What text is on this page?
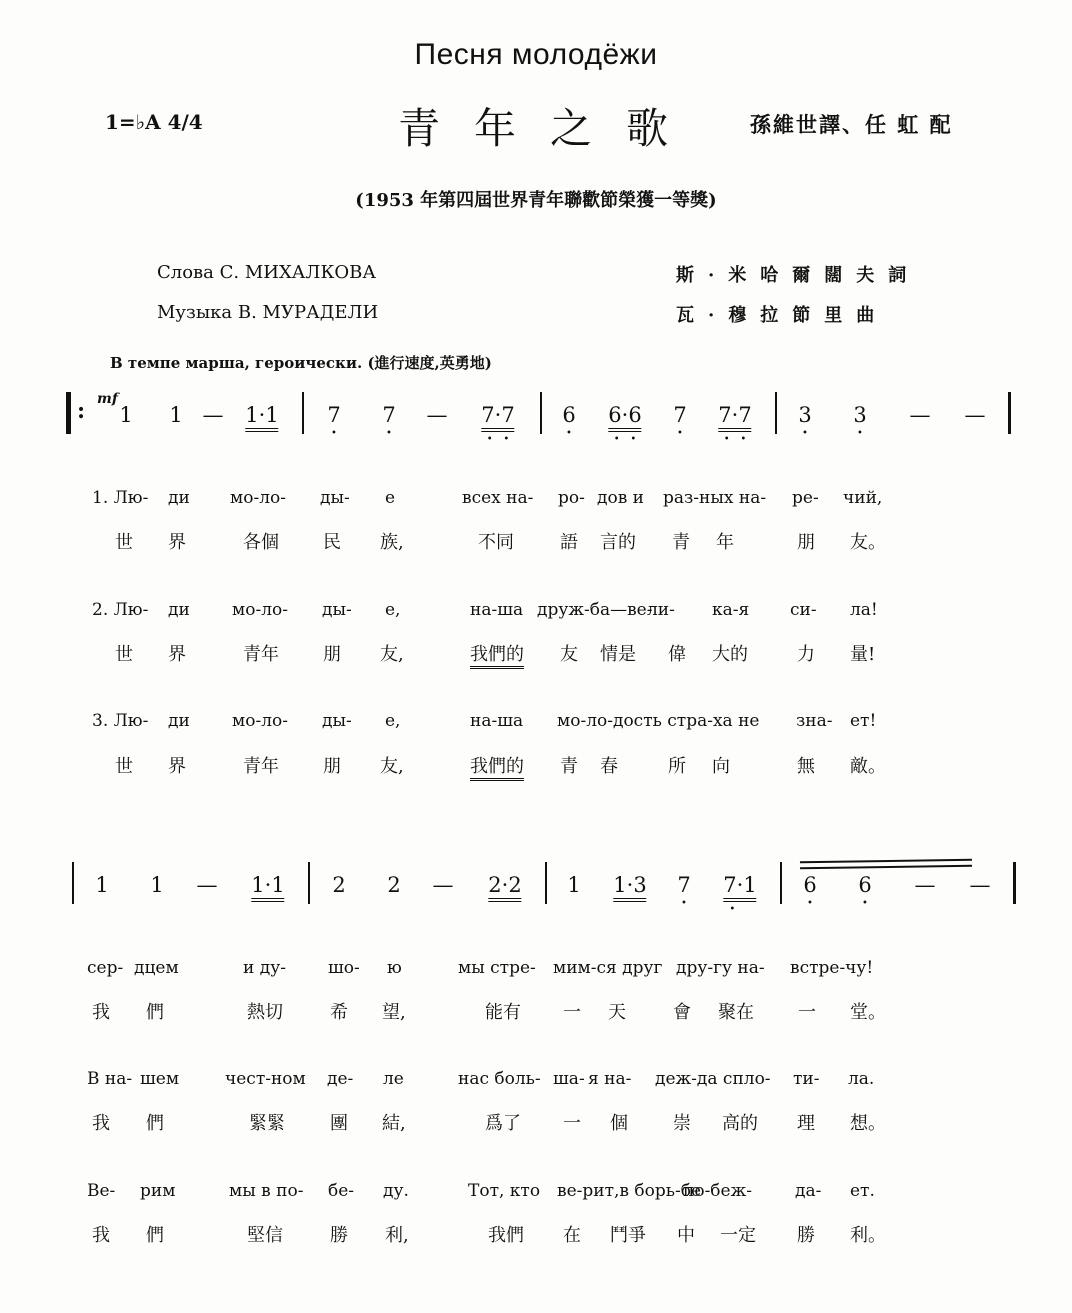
Песня молодёжи
1=♭A 4/4	青年之歌 孫維世譯、任 虹 配
(1953 年第四屆世界青年聯歡節榮獲一等獎)
Слова С. МИХАЛКОВА
Музыка В. МУРАДЕЛИ
斯·米哈爾闊夫詞
瓦·穆拉節里曲
В темпе марша, героически. (進行速度,英勇地)
: mf
1 1 — 1·1 7
•
7
•
— 7·7
• •
6
•
6·6
• •
7
•
7·7
• •
3
•
3
•
— —
1. Лю- ди мо-ло- ды- е	всех на- ро- дов и раз-ных на- ре- чий,
世 界	各個 民 族,	不同	語 言的 青 年	朋 友。
2. Лю- ди мо-ло- ды- е,	на-ша друж-ба—ве-
ли- ка-я си- ла!
世 界	青年 朋 友,	我們的 友 情是 偉 大的	力 量!
3. Лю- ди мо-ло- ды- е,	на-ша мо-ло-дость стра-ха не зна- ет!
世 界	青年 朋 友,	我們的 青 春	所 向	無 敵。
1 1 — 1·1 2 2 — 2·2 1 1·3 7
•
7·1
•

6
•
6
•
— —
сер- дцем	и ду- шо- ю	мы стре- мим-ся друг дру-гу на- встре-чу!
我 們	熱切	希 望,	能有 一 天	會 聚在 一 堂。
В на- шем	чест-ном де- ле	нас боль- ша- я на- деж-да спло- ти- ла.
我 們	緊緊	團 結,	爲了 一 個	崇 高的 理 想。
Ве- рим	мы в по- бе- ду.	Тот, кто ве-рит,в борь-бе
по-беж-	да- ет.
我 們	堅信	勝 利,	我們 在 鬥爭 中 一定 勝 利。
